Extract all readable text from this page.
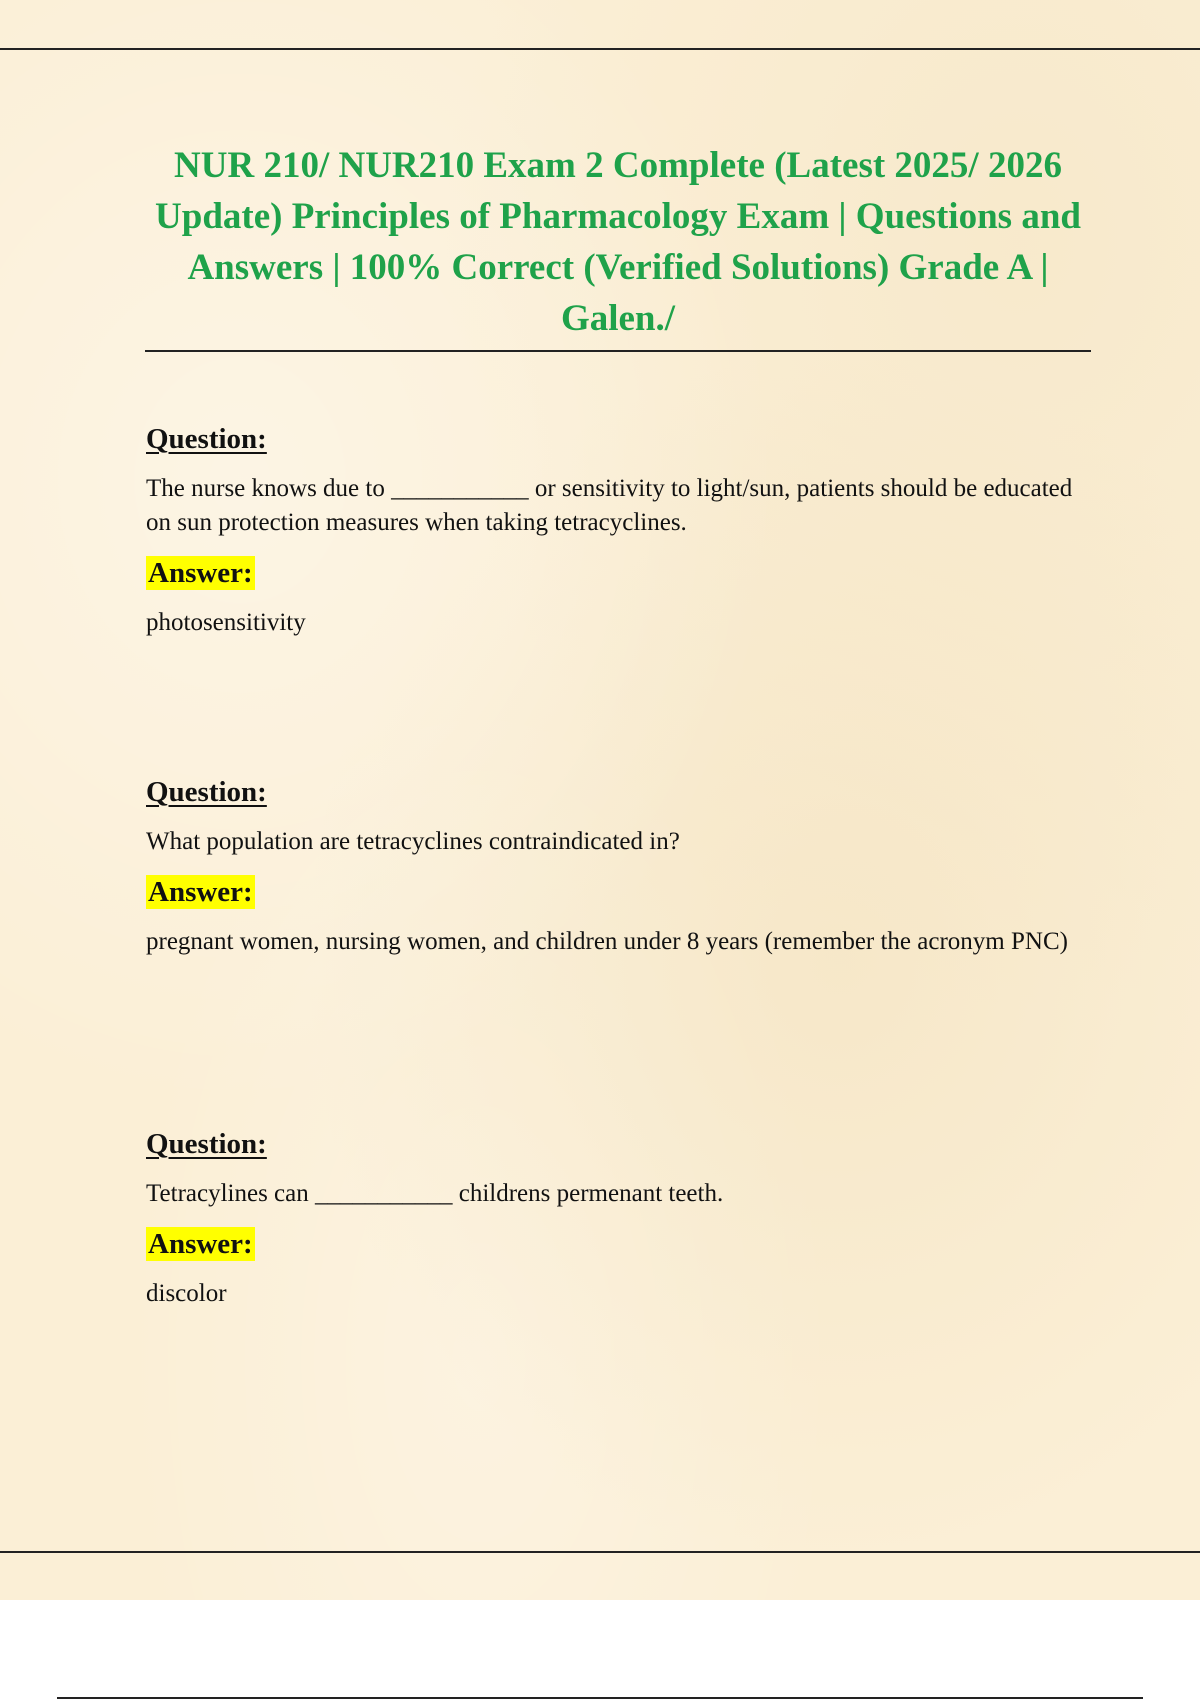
NUR 210/ NUR210 Exam 2 Complete (Latest 2025/ 2026 Update) Principles of Pharmacology Exam | Questions and Answers | 100% Correct (Verified Solutions) Grade A | Galen./
Question:

The nurse knows due to ___________ or sensitivity to light/sun, patients should be educated on sun protection measures when taking tetracyclines.

Answer:

photosensitivity

Question:

What population are tetracyclines contraindicated in?

Answer:

pregnant women, nursing women, and children under 8 years (remember the acronym PNC)

Question:

Tetracylines can ___________ childrens permenant teeth.

Answer:

discolor
